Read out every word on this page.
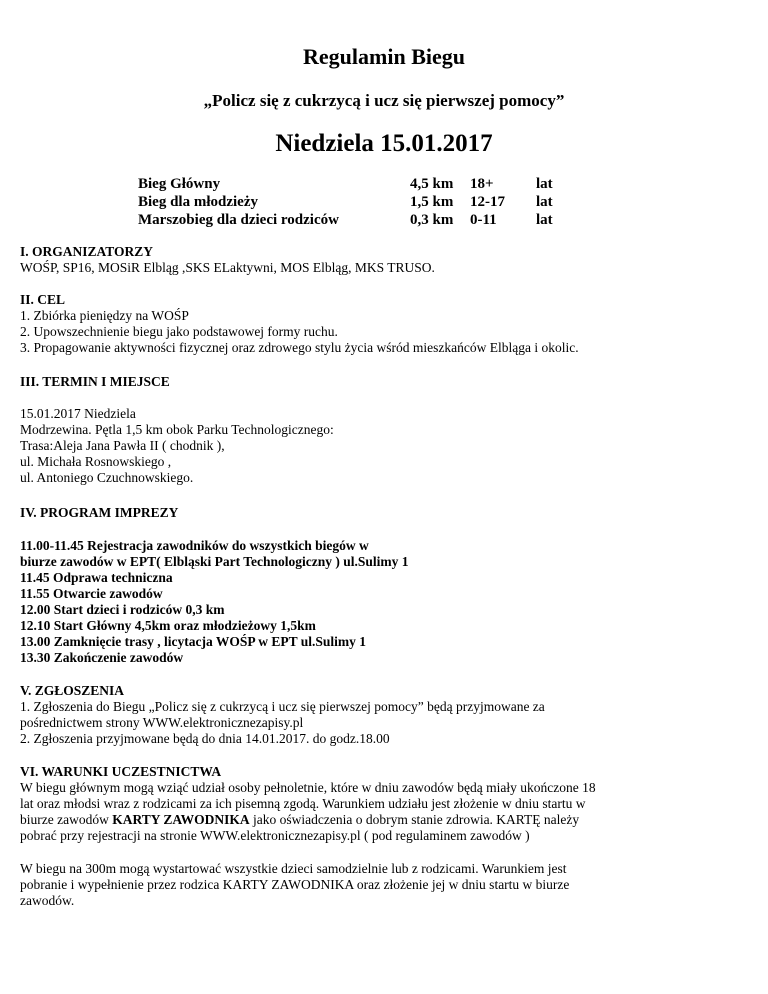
Regulamin Biegu
„Policz się z cukrzycą i ucz się pierwszej pomocy”
Niedziela 15.01.2017
Bieg Główny	4,5 km	18+	lat
Bieg dla młodzieży	1,5 km	12-17	lat
Marszobieg dla dzieci rodziców	0,3 km	0-11	lat
I. ORGANIZATORZY
WOŚP, SP16, MOSiR Elbląg ,SKS ELaktywni, MOS Elbląg, MKS TRUSO.
II. CEL
1. Zbiórka pieniędzy na WOŚP
2. Upowszechnienie biegu jako podstawowej formy ruchu.
3. Propagowanie aktywności fizycznej oraz zdrowego stylu życia wśród mieszkańców Elbląga i okolic.
III. TERMIN I MIEJSCE
15.01.2017 Niedziela
Modrzewina. Pętla 1,5 km obok Parku Technologicznego:
Trasa:Aleja Jana Pawła II ( chodnik ),
ul. Michała Rosnowskiego ,
ul. Antoniego Czuchnowskiego.
IV. PROGRAM IMPREZY
11.00-11.45 Rejestracja zawodników do wszystkich biegów w
biurze zawodów w EPT( Elbląski Part Technologiczny ) ul.Sulimy 1
11.45 Odprawa techniczna
11.55 Otwarcie zawodów
12.00 Start dzieci i rodziców 0,3 km
12.10 Start Główny 4,5km oraz młodzieżowy 1,5km
13.00 Zamknięcie trasy , licytacja WOŚP w EPT ul.Sulimy 1
13.30 Zakończenie zawodów
V. ZGŁOSZENIA
1. Zgłoszenia do Biegu „Policz się z cukrzycą i ucz się pierwszej pomocy” będą przyjmowane za
pośrednictwem strony WWW.elektronicznezapisy.pl
2. Zgłoszenia przyjmowane będą do dnia 14.01.2017. do godz.18.00
VI. WARUNKI UCZESTNICTWA
W biegu głównym mogą wziąć udział osoby pełnoletnie, które w dniu zawodów będą miały ukończone 18
lat oraz młodsi wraz z rodzicami za ich pisemną zgodą. Warunkiem udziału jest złożenie w dniu startu w
biurze zawodów KARTY ZAWODNIKA jako oświadczenia o dobrym stanie zdrowia. KARTĘ należy
pobrać przy rejestracji na stronie WWW.elektronicznezapisy.pl ( pod regulaminem zawodów )
W biegu na 300m mogą wystartować wszystkie dzieci samodzielnie lub z rodzicami. Warunkiem jest
pobranie i wypełnienie przez rodzica KARTY ZAWODNIKA oraz złożenie jej w dniu startu w biurze
zawodów.
